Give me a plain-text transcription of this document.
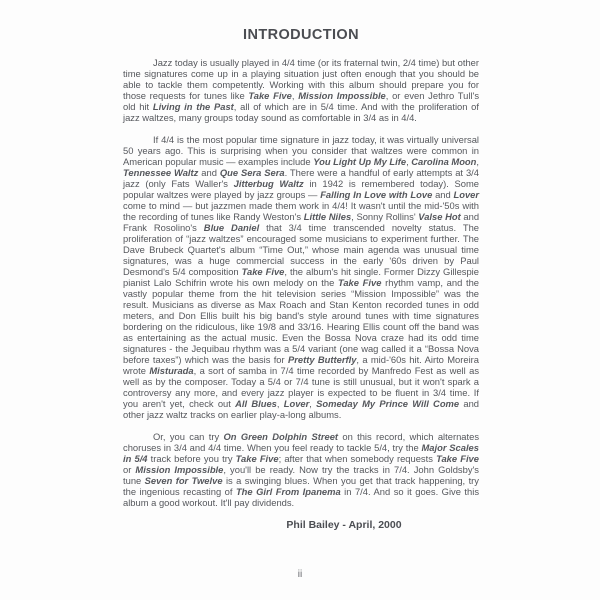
INTRODUCTION

Jazz today is usually played in 4/4 time (or its fraternal twin, 2/4 time) but other time signatures come up in a playing situation just often enough that you should be able to tackle them competently. Working with this album should prepare you for those requests for tunes like Take Five, Mission Impossible, or even Jethro Tull's old hit Living in the Past, all of which are in 5/4 time. And with the proliferation of jazz waltzes, many groups today sound as comfortable in 3/4 as in 4/4.

If 4/4 is the most popular time signature in jazz today, it was virtually universal 50 years ago. This is surprising when you consider that waltzes were common in American popular music — examples include You Light Up My Life, Carolina Moon, Tennessee Waltz and Que Sera Sera. There were a handful of early attempts at 3/4 jazz (only Fats Waller's Jitterbug Waltz in 1942 is remembered today). Some popular waltzes were played by jazz groups — Falling In Love with Love and Lover come to mind — but jazzmen made them work in 4/4! It wasn't until the mid-'50s with the recording of tunes like Randy Weston's Little Niles, Sonny Rollins' Valse Hot and Frank Rosolino's Blue Daniel that 3/4 time transcended novelty status. The proliferation of “jazz waltzes” encouraged some musicians to experiment further. The Dave Brubeck Quartet's album “Time Out,” whose main agenda was unusual time signatures, was a huge commercial success in the early '60s driven by Paul Desmond's 5/4 composition Take Five, the album's hit single. Former Dizzy Gillespie pianist Lalo Schifrin wrote his own melody on the Take Five rhythm vamp, and the vastly popular theme from the hit television series “Mission Impossible” was the result. Musicians as diverse as Max Roach and Stan Kenton recorded tunes in odd meters, and Don Ellis built his big band's style around tunes with time signatures bordering on the ridiculous, like 19/8 and 33/16. Hearing Ellis count off the band was as entertaining as the actual music. Even the Bossa Nova craze had its odd time signatures - the Jequibau rhythm was a 5/4 variant (one wag called it a “Bossa Nova before taxes”) which was the basis for Pretty Butterfly, a mid-'60s hit. Airto Moreira wrote Misturada, a sort of samba in 7/4 time recorded by Manfredo Fest as well as well as by the composer. Today a 5/4 or 7/4 tune is still unusual, but it won't spark a controversy any more, and every jazz player is expected to be fluent in 3/4 time. If you aren't yet, check out All Blues, Lover, Someday My Prince Will Come and other jazz waltz tracks on earlier play-a-long albums.

Or, you can try On Green Dolphin Street on this record, which alternates choruses in 3/4 and 4/4 time. When you feel ready to tackle 5/4, try the Major Scales in 5/4 track before you try Take Five; after that when somebody requests Take Five or Mission Impossible, you'll be ready. Now try the tracks in 7/4. John Goldsby's tune Seven for Twelve is a swinging blues. When you get that track happening, try the ingenious recasting of The Girl From Ipanema in 7/4. And so it goes. Give this album a good workout. It'll pay dividends.

Phil Bailey - April, 2000
ii
